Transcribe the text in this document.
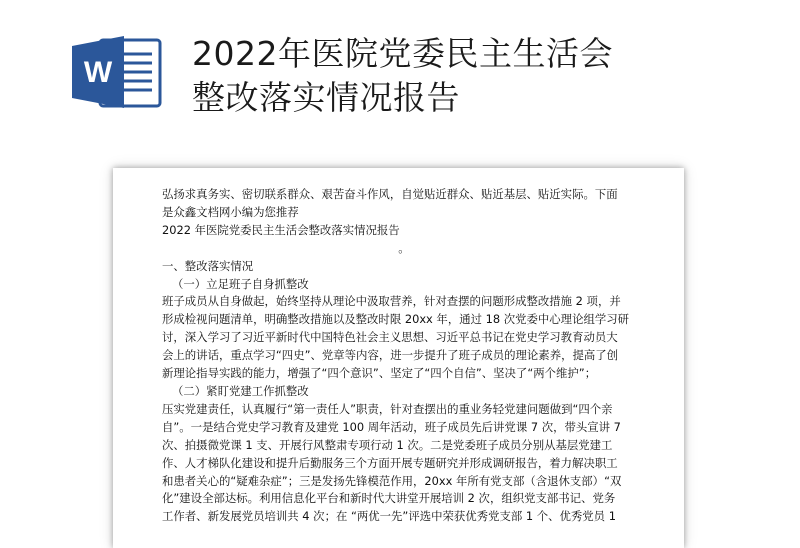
W 2022年医院党委民主生活会
整改落实情况报告

弘扬求真务实、密切联系群众、艰苦奋斗作风，自觉贴近群众、贴近基层、贴近实际。下面

是众鑫文档网小编为您推荐

2022 年医院党委民主生活会整改落实情况报告

。

一、整改落实情况

（一）立足班子自身抓整改

班子成员从自身做起，始终坚持从理论中汲取营养，针对查摆的问题形成整改措施 2 项，并

形成检视问题清单，明确整改措施以及整改时限 20xx 年，通过 18 次党委中心理论组学习研

讨，深入学习了习近平新时代中国特色社会主义思想、习近平总书记在党史学习教育动员大

会上的讲话，重点学习“四史”、党章等内容，进一步提升了班子成员的理论素养，提高了创

新理论指导实践的能力，增强了“四个意识”、坚定了“四个自信”、坚决了“两个维护”；

（二）紧盯党建工作抓整改

压实党建责任，认真履行“第一责任人”职责，针对查摆出的重业务轻党建问题做到“四个亲

自”。一是结合党史学习教育及建党 100 周年活动，班子成员先后讲党课 7 次，带头宣讲 7

次、拍摄微党课 1 支、开展行风整肃专项行动 1 次。二是党委班子成员分别从基层党建工

作、人才梯队化建设和提升后勤服务三个方面开展专题研究并形成调研报告，着力解决职工

和患者关心的“疑难杂症”；三是发扬先锋模范作用，20xx 年所有党支部（含退休支部）“双

化”建设全部达标。利用信息化平台和新时代大讲堂开展培训 2 次，组织党支部书记、党务

工作者、新发展党员培训共 4 次；在 “两优一先”评选中荣获优秀党支部 1 个、优秀党员 1
